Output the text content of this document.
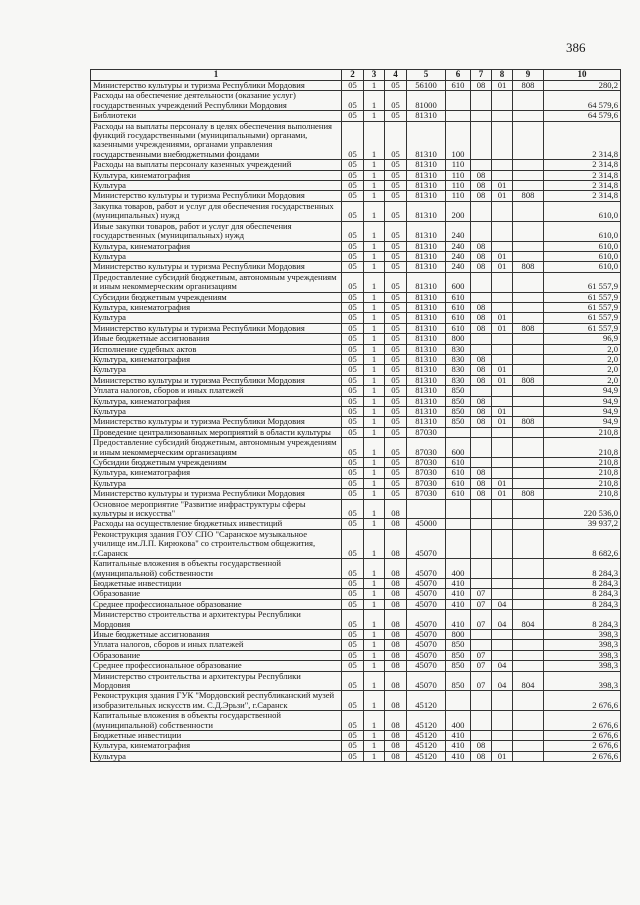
386
1	2	3	4	5	6	7	8	9	10
Министерство культуры и туризма Республики Мордовия	05	1	05	56100	610	08	01	808	280,2
Расходы на обеспечение деятельности (оказание услуг) государственных учреждений Республики Мордовия	05	1	05	81000					64 579,6
Библиотеки	05	1	05	81310					64 579,6
Расходы на выплаты персоналу в целях обеспечения выполнения функций государственными (муниципальными) органами, казенными учреждениями, органами управления государственными внебюджетными фондами	05	1	05	81310	100				2 314,8
Расходы на выплаты персоналу казенных учреждений	05	1	05	81310	110				2 314,8
Культура, кинематография	05	1	05	81310	110	08			2 314,8
Культура	05	1	05	81310	110	08	01		2 314,8
Министерство культуры и туризма Республики Мордовия	05	1	05	81310	110	08	01	808	2 314,8
Закупка товаров, работ и услуг для обеспечения государственных (муниципальных) нужд	05	1	05	81310	200				610,0
Иные закупки товаров, работ и услуг для обеспечения государственных (муниципальных) нужд	05	1	05	81310	240				610,0
Культура, кинематография	05	1	05	81310	240	08			610,0
Культура	05	1	05	81310	240	08	01		610,0
Министерство культуры и туризма Республики Мордовия	05	1	05	81310	240	08	01	808	610,0
Предоставление субсидий бюджетным, автономным учреждениям и иным некоммерческим организациям	05	1	05	81310	600				61 557,9
Субсидии бюджетным учреждениям	05	1	05	81310	610				61 557,9
Культура, кинематография	05	1	05	81310	610	08			61 557,9
Культура	05	1	05	81310	610	08	01		61 557,9
Министерство культуры и туризма Республики Мордовия	05	1	05	81310	610	08	01	808	61 557,9
Иные бюджетные ассигнования	05	1	05	81310	800				96,9
Исполнение судебных актов	05	1	05	81310	830				2,0
Культура, кинематография	05	1	05	81310	830	08			2,0
Культура	05	1	05	81310	830	08	01		2,0
Министерство культуры и туризма Республики Мордовия	05	1	05	81310	830	08	01	808	2,0
Уплата налогов, сборов и иных платежей	05	1	05	81310	850				94,9
Культура, кинематография	05	1	05	81310	850	08			94,9
Культура	05	1	05	81310	850	08	01		94,9
Министерство культуры и туризма Республики Мордовия	05	1	05	81310	850	08	01	808	94,9
Проведение централизованных мероприятий в области культуры	05	1	05	87030					210,8
Предоставление субсидий бюджетным, автономным учреждениям и иным некоммерческим организациям	05	1	05	87030	600				210,8
Субсидии бюджетным учреждениям	05	1	05	87030	610				210,8
Культура, кинематография	05	1	05	87030	610	08			210,8
Культура	05	1	05	87030	610	08	01		210,8
Министерство культуры и туризма Республики Мордовия	05	1	05	87030	610	08	01	808	210,8
Основное мероприятие "Развитие инфраструктуры сферы культуры и искусства"	05	1	08						220 536,0
Расходы на осуществление бюджетных инвестиций	05	1	08	45000					39 937,2
Реконструкция здания ГОУ СПО "Саранское музыкальное училище им.Л.П. Кирюкова" со строительством общежития, г.Саранск	05	1	08	45070					8 682,6
Капитальные вложения в объекты государственной (муниципальной) собственности	05	1	08	45070	400				8 284,3
Бюджетные инвестиции	05	1	08	45070	410				8 284,3
Образование	05	1	08	45070	410	07			8 284,3
Среднее профессиональное образование	05	1	08	45070	410	07	04		8 284,3
Министерство строительства и архитектуры Республики Мордовия	05	1	08	45070	410	07	04	804	8 284,3
Иные бюджетные ассигнования	05	1	08	45070	800				398,3
Уплата налогов, сборов и иных платежей	05	1	08	45070	850				398,3
Образование	05	1	08	45070	850	07			398,3
Среднее профессиональное образование	05	1	08	45070	850	07	04		398,3
Министерство строительства и архитектуры Республики Мордовия	05	1	08	45070	850	07	04	804	398,3
Реконструкция здания ГУК "Мордовский республиканский музей изобразительных искусств им. С.Д.Эрьзи", г.Саранск	05	1	08	45120					2 676,6
Капитальные вложения в объекты государственной (муниципальной) собственности	05	1	08	45120	400				2 676,6
Бюджетные инвестиции	05	1	08	45120	410				2 676,6
Культура, кинематография	05	1	08	45120	410	08			2 676,6
Культура	05	1	08	45120	410	08	01		2 676,6
